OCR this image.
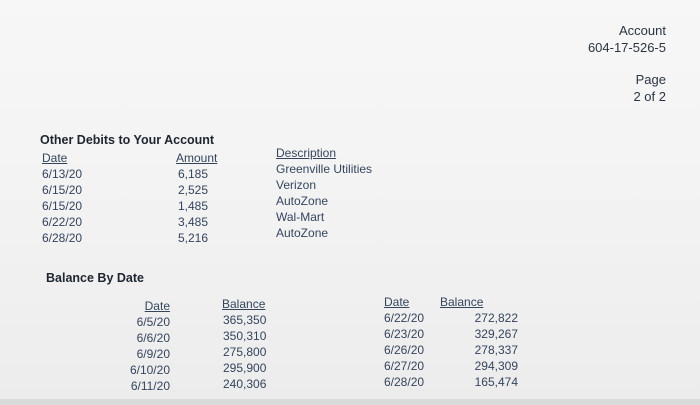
Account
604-17-526-5
Page
2 of 2
Other Debits to Your Account
Date
6/13/20
6/15/20
6/15/20
6/22/20
6/28/20
Amount
6,185
2,525
1,485
3,485
5,216
Description
Greenville Utilities
Verizon
AutoZone
Wal-Mart
AutoZone
Balance By Date
Date
6/5/20
6/6/20
6/9/20
6/10/20
6/11/20
Balance
365,350
350,310
275,800
295,900
240,306
Date
6/22/20
6/23/20
6/26/20
6/27/20
6/28/20
Balance
272,822
329,267
278,337
294,309
165,474
